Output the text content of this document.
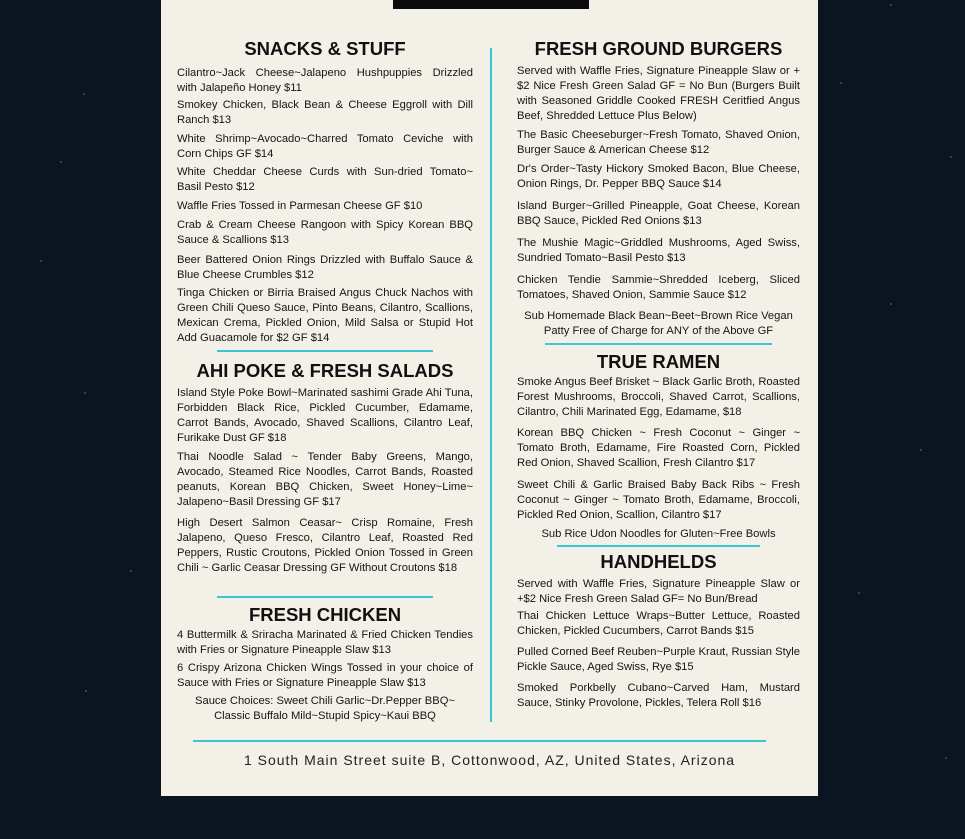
SNACKS & STUFF

Cilantro~Jack Cheese~Jalapeno Hushpuppies Drizzled with Jalapeño Honey $11

Smokey Chicken, Black Bean & Cheese Eggroll with Dill Ranch $13

White Shrimp~Avocado~Charred Tomato Ceviche with Corn Chips GF $14

White Cheddar Cheese Curds with Sun-dried Tomato~ Basil Pesto $12

Waffle Fries Tossed in Parmesan Cheese GF $10

Crab & Cream Cheese Rangoon with Spicy Korean BBQ Sauce & Scallions $13

Beer Battered Onion Rings Drizzled with Buffalo Sauce & Blue Cheese Crumbles $12

Tinga Chicken or Birria Braised Angus Chuck Nachos with Green Chili Queso Sauce, Pinto Beans, Cilantro, Scallions, Mexican Crema, Pickled Onion, Mild Salsa or Stupid Hot Add Guacamole for $2 GF $14

AHI POKE & FRESH SALADS

Island Style Poke Bowl~Marinated sashimi Grade Ahi Tuna, Forbidden Black Rice, Pickled Cucumber, Edamame, Carrot Bands, Avocado, Shaved Scallions, Cilantro Leaf, Furikake Dust GF $18

Thai Noodle Salad ~ Tender Baby Greens, Mango, Avocado, Steamed Rice Noodles, Carrot Bands, Roasted peanuts, Korean BBQ Chicken, Sweet Honey~Lime~ Jalapeno~Basil Dressing GF $17

High Desert Salmon Ceasar~ Crisp Romaine, Fresh Jalapeno, Queso Fresco, Cilantro Leaf, Roasted Red Peppers, Rustic Croutons, Pickled Onion Tossed in Green Chili ~ Garlic Ceasar Dressing GF Without Croutons $18

FRESH CHICKEN

4 Buttermilk & Sriracha Marinated & Fried Chicken Tendies with Fries or Signature Pineapple Slaw $13

6 Crispy Arizona Chicken Wings Tossed in your choice of Sauce with Fries or Signature Pineapple Slaw $13

Sauce Choices: Sweet Chili Garlic~Dr.Pepper BBQ~ Classic Buffalo Mild~Stupid Spicy~Kaui BBQ

FRESH GROUND BURGERS

Served with Waffle Fries, Signature Pineapple Slaw or + $2 Nice Fresh Green Salad GF = No Bun (Burgers Built with Seasoned Griddle Cooked FRESH Ceritfied Angus Beef, Shredded Lettuce Plus Below)

The Basic Cheeseburger~Fresh Tomato, Shaved Onion, Burger Sauce & American Cheese $12

Dr's Order~Tasty Hickory Smoked Bacon, Blue Cheese, Onion Rings, Dr. Pepper BBQ Sauce $14

Island Burger~Grilled Pineapple, Goat Cheese, Korean BBQ Sauce, Pickled Red Onions $13

The Mushie Magic~Griddled Mushrooms, Aged Swiss, Sundried Tomato~Basil Pesto $13

Chicken Tendie Sammie~Shredded Iceberg, Sliced Tomatoes, Shaved Onion, Sammie Sauce $12

Sub Homemade Black Bean~Beet~Brown Rice Vegan Patty Free of Charge for ANY of the Above GF

TRUE RAMEN

Smoke Angus Beef Brisket ~ Black Garlic Broth, Roasted Forest Mushrooms, Broccoli, Shaved Carrot, Scallions, Cilantro, Chili Marinated Egg, Edamame, $18

Korean BBQ Chicken ~ Fresh Coconut ~ Ginger ~ Tomato Broth, Edamame, Fire Roasted Corn, Pickled Red Onion, Shaved Scallion, Fresh Cilantro $17

Sweet Chili & Garlic Braised Baby Back Ribs ~ Fresh Coconut ~ Ginger ~ Tomato Broth, Edamame, Broccoli, Pickled Red Onion, Scallion, Cilantro $17

Sub Rice Udon Noodles for Gluten~Free Bowls

HANDHELDS

Served with Waffle Fries, Signature Pineapple Slaw or +$2 Nice Fresh Green Salad GF= No Bun/Bread

Thai Chicken Lettuce Wraps~Butter Lettuce, Roasted Chicken, Pickled Cucumbers, Carrot Bands $15

Pulled Corned Beef Reuben~Purple Kraut, Russian Style Pickle Sauce, Aged Swiss, Rye $15

Smoked Porkbelly Cubano~Carved Ham, Mustard Sauce, Stinky Provolone, Pickles, Telera Roll $16

1 South Main Street suite B, Cottonwood, AZ, United States, Arizona
